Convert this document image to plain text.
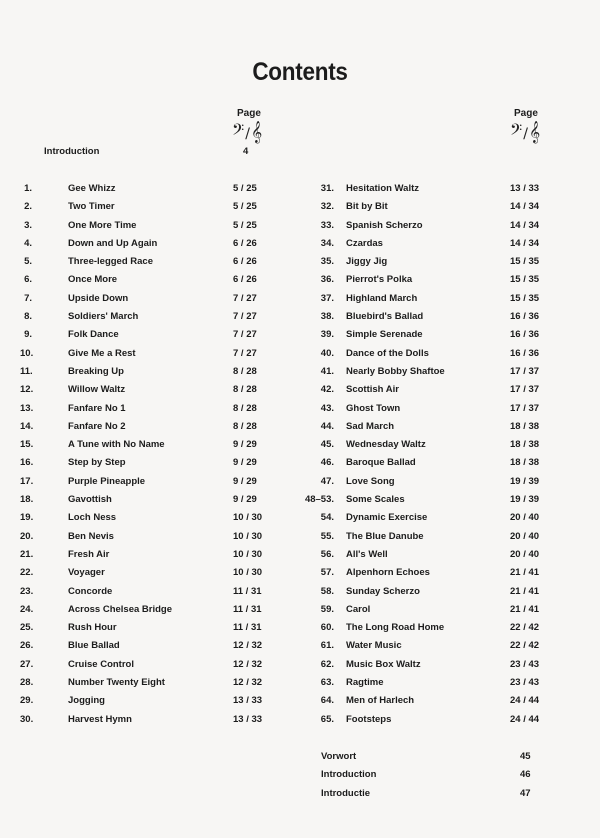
Contents
Page
𝄢/𝄞
Page
𝄢/𝄞
Introduction	4
1.	Gee Whizz	5 / 25	31. Hesitation Waltz	13 / 33
2.	Two Timer	5 / 25	32. Bit by Bit	14 / 34
3.	One More Time	5 / 25	33. Spanish Scherzo	14 / 34
4.	Down and Up Again	6 / 26	34. Czardas	14 / 34
5.	Three-legged Race	6 / 26	35. Jiggy Jig	15 / 35
6.	Once More	6 / 26	36. Pierrot's Polka	15 / 35
7.	Upside Down	7 / 27	37. Highland March	15 / 35
8.	Soldiers' March	7 / 27	38. Bluebird's Ballad	16 / 36
9.	Folk Dance	7 / 27	39. Simple Serenade	16 / 36
10.	Give Me a Rest	7 / 27	40. Dance of the Dolls	16 / 36
11.	Breaking Up	8 / 28	41. Nearly Bobby Shaftoe	17 / 37
12.	Willow Waltz	8 / 28	42. Scottish Air	17 / 37
13.	Fanfare No 1	8 / 28	43. Ghost Town	17 / 37
14.	Fanfare No 2	8 / 28	44. Sad March	18 / 38
15.	A Tune with No Name	9 / 29	45. Wednesday Waltz	18 / 38
16.	Step by Step	9 / 29	46. Baroque Ballad	18 / 38
17.	Purple Pineapple	9 / 29	47. Love Song	19 / 39
18.	Gavottish	9 / 29	48–53. Some Scales	19 / 39
19.	Loch Ness	10 / 30	54. Dynamic Exercise	20 / 40
20.	Ben Nevis	10 / 30	55. The Blue Danube	20 / 40
21.	Fresh Air	10 / 30	56. All's Well	20 / 40
22.	Voyager	10 / 30	57. Alpenhorn Echoes	21 / 41
23.	Concorde	11 / 31	58. Sunday Scherzo	21 / 41
24.	Across Chelsea Bridge	11 / 31	59. Carol	21 / 41
25.	Rush Hour	11 / 31	60. The Long Road Home	22 / 42
26.	Blue Ballad	12 / 32	61. Water Music	22 / 42
27.	Cruise Control	12 / 32	62. Music Box Waltz	23 / 43
28.	Number Twenty Eight	12 / 32	63. Ragtime	23 / 43
29.	Jogging	13 / 33	64. Men of Harlech	24 / 44
30.	Harvest Hymn	13 / 33	65. Footsteps	24 / 44
Vorwort	45
Introduction	46
Introductie	47
